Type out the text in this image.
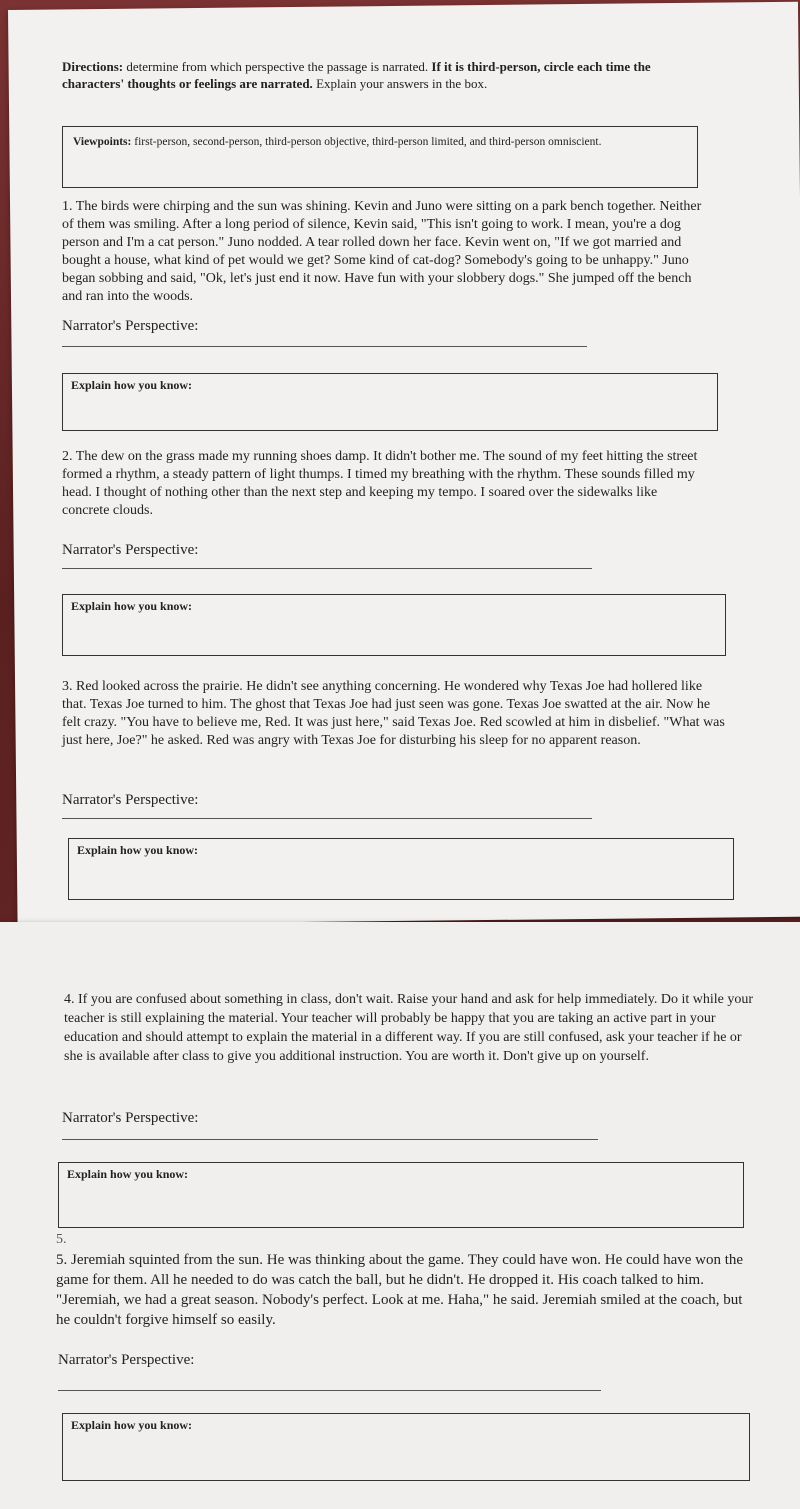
Directions: determine from which perspective the passage is narrated. If it is third-person, circle each time the characters' thoughts or feelings are narrated. Explain your answers in the box.
Viewpoints: first-person, second-person, third-person objective, third-person limited, and third-person omniscient.
1. The birds were chirping and the sun was shining. Kevin and Juno were sitting on a park bench together. Neither of them was smiling. After a long period of silence, Kevin said, "This isn't going to work. I mean, you're a dog person and I'm a cat person." Juno nodded. A tear rolled down her face. Kevin went on, "If we got married and bought a house, what kind of pet would we get? Some kind of cat-dog? Somebody's going to be unhappy." Juno began sobbing and said, "Ok, let's just end it now. Have fun with your slobbery dogs." She jumped off the bench and ran into the woods.
Narrator's Perspective:
Explain how you know:
2. The dew on the grass made my running shoes damp. It didn't bother me. The sound of my feet hitting the street formed a rhythm, a steady pattern of light thumps. I timed my breathing with the rhythm. These sounds filled my head. I thought of nothing other than the next step and keeping my tempo. I soared over the sidewalks like concrete clouds.
Narrator's Perspective:
Explain how you know:
3. Red looked across the prairie. He didn't see anything concerning. He wondered why Texas Joe had hollered like that. Texas Joe turned to him. The ghost that Texas Joe had just seen was gone. Texas Joe swatted at the air. Now he felt crazy. "You have to believe me, Red. It was just here," said Texas Joe. Red scowled at him in disbelief. "What was just here, Joe?" he asked. Red was angry with Texas Joe for disturbing his sleep for no apparent reason.
Narrator's Perspective:
Explain how you know:
4. If you are confused about something in class, don't wait. Raise your hand and ask for help immediately. Do it while your teacher is still explaining the material. Your teacher will probably be happy that you are taking an active part in your education and should attempt to explain the material in a different way. If you are still confused, ask your teacher if he or she is available after class to give you additional instruction. You are worth it. Don't give up on yourself.
Narrator's Perspective:
Explain how you know:
5.
5. Jeremiah squinted from the sun. He was thinking about the game. They could have won. He could have won the game for them. All he needed to do was catch the ball, but he didn't. He dropped it. His coach talked to him. "Jeremiah, we had a great season. Nobody's perfect. Look at me. Haha," he said. Jeremiah smiled at the coach, but he couldn't forgive himself so easily.
Narrator's Perspective:
Explain how you know:
